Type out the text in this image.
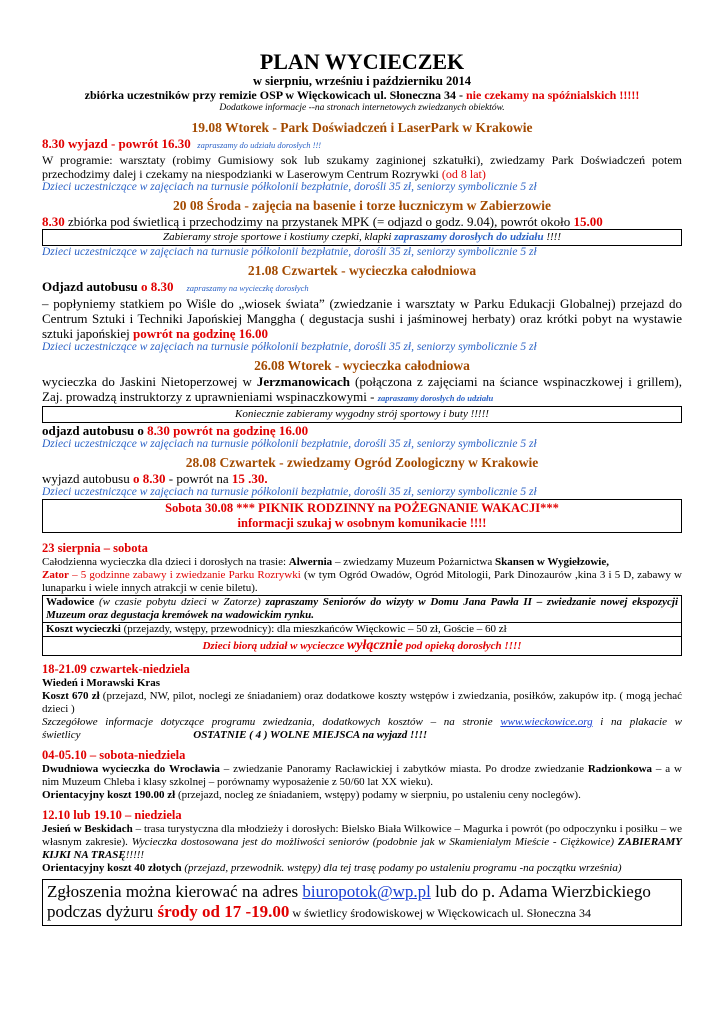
PLAN WYCIECZEK

w sierpniu, wrześniu i październiku 2014

zbiórka uczestników przy remizie OSP w Więckowicach ul. Słoneczna 34 - nie czekamy na spóźnialskich !!!!!

Dodatkowe informacje --na stronach internetowych zwiedzanych obiektów.

19.08 Wtorek - Park Doświadczeń i LaserPark w Krakowie

8.30 wyjazd - powrót 16.30 zapraszamy do udziału dorosłych !!!

W programie: warsztaty (robimy Gumisiowy sok lub szukamy zaginionej szkatułki), zwiedzamy Park Doświadczeń potem przechodzimy dalej i czekamy na niespodzianki w Laserowym Centrum Rozrywki (od 8 lat)

Dzieci uczestniczące w zajęciach na turnusie półkolonii bezpłatnie, dorośli 35 zł, seniorzy symbolicznie 5 zł

20 08 Środa - zajęcia na basenie i torze łuczniczym w Zabierzowie

8.30 zbiórka pod świetlicą i przechodzimy na przystanek MPK (= odjazd o godz. 9.04), powrót około 15.00

Zabieramy stroje sportowe i kostiumy czepki, klapki zapraszamy dorosłych do udziału !!!!

Dzieci uczestniczące w zajęciach na turnusie półkolonii bezpłatnie, dorośli 35 zł, seniorzy symbolicznie 5 zł

21.08 Czwartek - wycieczka całodniowa

Odjazd autobusu o 8.30 zapraszamy na wycieczkę dorosłych

– popłyniemy statkiem po Wiśle do „wiosek świata” (zwiedzanie i warsztaty w Parku Edukacji Globalnej) przejazd do Centrum Sztuki i Techniki Japońskiej Manggha ( degustacja sushi i jaśminowej herbaty) oraz krótki pobyt na wystawie sztuki japońskiej powrót na godzinę 16.00

Dzieci uczestniczące w zajęciach na turnusie półkolonii bezpłatnie, dorośli 35 zł, seniorzy symbolicznie 5 zł

26.08 Wtorek - wycieczka całodniowa

wycieczka do Jaskini Nietoperzowej w Jerzmanowicach (połączona z zajęciami na ściance wspinaczkowej i grillem), Zaj. prowadzą instruktorzy z uprawnieniami wspinaczkowymi - zapraszamy dorosłych do udziału

Koniecznie zabieramy wygodny strój sportowy i buty !!!!!

odjazd autobusu o 8.30 powrót na godzinę 16.00

Dzieci uczestniczące w zajęciach na turnusie półkolonii bezpłatnie, dorośli 35 zł, seniorzy symbolicznie 5 zł

28.08 Czwartek - zwiedzamy Ogród Zoologiczny w Krakowie

wyjazd autobusu o 8.30 - powrót na 15 .30.

Dzieci uczestniczące w zajęciach na turnusie półkolonii bezpłatnie, dorośli 35 zł, seniorzy symbolicznie 5 zł

Sobota 30.08 *** PIKNIK RODZINNY na POŻEGNANIE WAKACJI***

informacji szukaj w osobnym komunikacie !!!!

23 sierpnia – sobota

Całodzienna wycieczka dla dzieci i dorosłych na trasie: Alwernia – zwiedzamy Muzeum Pożarnictwa Skansen w Wygiełzowie,
Zator – 5 godzinne zabawy i zwiedzanie Parku Rozrywki (w tym Ogród Owadów, Ogród Mitologii, Park Dinozaurów ,kina 3 i 5 D, zabawy w lunaparku i wiele innych atrakcji w cenie biletu).

Wadowice (w czasie pobytu dzieci w Zatorze) zapraszamy Seniorów do wizyty w Domu Jana Pawła II – zwiedzanie nowej ekspozycji Muzeum oraz degustacja kremówek na wadowickim rynku.
Koszt wycieczki (przejazdy, wstępy, przewodnicy): dla mieszkańców Więckowic – 50 zł, Goście – 60 zł
Dzieci biorą udział w wycieczce wyłącznie pod opieką dorosłych !!!!

18-21.09 czwartek-niedziela

Wiedeń i Morawski Kras

Koszt 670 zł (przejazd, NW, pilot, noclegi ze śniadaniem) oraz dodatkowe koszty wstępów i zwiedzania, posiłków, zakupów itp. ( mogą jechać dzieci )

Szczegółowe informacje dotyczące programu zwiedzania, dodatkowych kosztów – na stronie www.wieckowice.org i na plakacie w świetlicy	OSTATNIE ( 4 ) WOLNE MIEJSCA na wyjazd !!!!

04-05.10 – sobota-niedziela

Dwudniowa wycieczka do Wrocławia – zwiedzanie Panoramy Racławickiej i zabytków miasta. Po drodze zwiedzanie Radzionkowa – a w nim Muzeum Chleba i klasy szkolnej – porównamy wyposażenie z 50/60 lat XX wieku).

Orientacyjny koszt 190.00 zł (przejazd, nocleg ze śniadaniem, wstępy) podamy w sierpniu, po ustaleniu ceny noclegów).

12.10 lub 19.10 – niedziela

Jesień w Beskidach – trasa turystyczna dla młodzieży i dorosłych: Bielsko Biała Wilkowice – Magurka i powrót (po odpoczynku i posiłku – we własnym zakresie). Wycieczka dostosowana jest do możliwości seniorów (podobnie jak w Skamienialym Mieście - Ciężkowice) ZABIERAMY KIJKI NA TRASĘ!!!!!

Orientacyjny koszt 40 złotych (przejazd, przewodnik. wstępy) dla tej trasę podamy po ustaleniu programu -na początku września)

Zgłoszenia można kierować na adres biuropotok@wp.pl lub do p. Adama Wierzbickiego podczas dyżuru środy od 17 -19.00 w świetlicy środowiskowej w Więckowicach ul. Słoneczna 34
